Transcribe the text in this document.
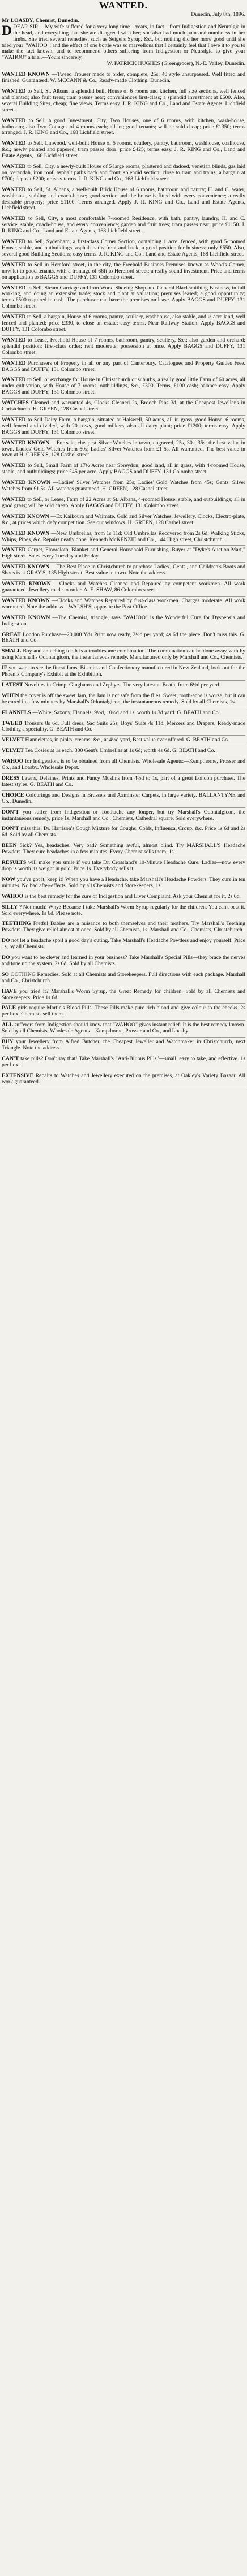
WANTED.
Dunedin, July 8th, 1896.
Mr LOASBY, Chemist, Dunedin.

D DEAR SIR,—My wife suffered for a very long time—years, in fact—from Indigestion and Neuralgia in the head, and everything that she ate disagreed with her; she also had much pain and numbness in her limbs. She tried several remedies, such as Seigel's Syrup, &c., but nothing did her more good until she tried your "WAHOO"; and the effect of one bottle was so marvellous that I certainly feel that I owe it to you to make the fact known, and to recommend others suffering from Indigestion or Neuralgia to give your "WAHOO" a trial.—Yours sincerely,
W. PATRICK HUGHES (Greengrocer), N.-E. Valley, Dunedin.
WANTED KNOWN —Tweed Trouser made to order, complete, 25s; 40 style unsurpassed. Well fitted and finished. Guaranteed. W. MCCANN & Co., Ready-made Clothing, Dunedin.
WANTED to Sell, St. Albans, a splendid built House of 6 rooms and kitchen, full size sections, well fenced and planted; also fruit trees; tram passes near; conveniences first-class; a splendid investment at £600. Also, several Building Sites, cheap; fine views. Terms easy. J. R. KING and Co., Land and Estate Agents, Lichfield street.
WANTED to Sell, a good Investment, City, Two Houses, one of 6 rooms, with kitchen, wash-house, bathroom; also Two Cottages of 4 rooms each; all let; good tenants; will be sold cheap; price £1350; terms arranged. J. R. KING and Co., 168 Lichfield street.
WANTED to Sell, Linwood, well-built House of 5 rooms, scullery, pantry, bathroom, washhouse, coalhouse, &c.; newly painted and papered; tram passes door; price £425; terms easy. J. R. KING and Co., Land and Estate Agents, 168 Lichfield street.
WANTED to Sell, City, a newly-built House of 5 large rooms, plastered and dadoed, venetian blinds, gas laid on, verandah, iron roof, asphalt paths back and front; splendid section; close to tram and trains; a bargain at £700; deposit £200; or easy terms. J. R. KING and Co., 168 Lichfield street.
WANTED to Sell, St. Albans, a well-built Brick House of 6 rooms, bathroom and pantry; H. and C. water, washhouse, stabling and coach-house; good section and the house is fitted with every convenience; a really desirable property; price £1100. Terms arranged. Apply J. R. KING and Co., Land and Estate Agents, Lichfield street.
WANTED to Sell, City, a most comfortable 7-roomed Residence, with bath, pantry, laundry, H. and C. service, stable, coach-house, and every convenience; garden and fruit trees; tram passes near; price £1150. J. R. KING and Co., Land and Estate Agents, 168 Lichfield street.
WANTED to Sell, Sydenham, a first-class Corner Section, containing 1 acre, fenced, with good 5-roomed House, stable, and outbuildings; asphalt paths front and back; a good position for business; only £550. Also, several good Building Sections; easy terms. J. R. KING and Co., Land and Estate Agents, 168 Lichfield street.
WANTED to Sell in Hereford street, in the city, the Freehold Business Premises known as Wood's Corner, now let to good tenants, with a frontage of 66ft to Hereford street; a really sound investment. Price and terms on application to BAGGS and DUFFY, 131 Colombo street.
WANTED to Sell, Steam Carriage and Iron Work, Shoeing Shop and General Blacksmithing Business, in full working, and doing an extensive trade; stock and plant at valuation; premises leased; a good opportunity; terms £500 required in cash. The purchaser can have the premises on lease. Apply BAGGS and DUFFY, 131 Colombo street.
WANTED to Sell, a bargain, House of 6 rooms, pantry, scullery, washhouse, also stable, and ½ acre land, well fenced and planted; price £330, to close an estate; easy terms. Near Railway Station. Apply BAGGS and DUFFY, 131 Colombo street.
WANTED to Lease, Freehold House of 7 rooms, bathroom, pantry, scullery, &c.; also garden and orchard; splendid position; first-class order; rent moderate; possession at once. Apply BAGGS and DUFFY, 131 Colombo street.
WANTED Purchasers of Property in all or any part of Canterbury. Catalogues and Property Guides Free. BAGGS and DUFFY, 131 Colombo street.
WANTED to Sell, or exchange for House in Christchurch or suburbs, a really good little Farm of 60 acres, all under cultivation, with House of 7 rooms, outbuildings, &c., £300. Terms, £100 cash; balance easy. Apply BAGGS and DUFFY, 131 Colombo street.
WATCHES Cleaned and warranted 4s, Clocks Cleaned 2s, Brooch Pins 3d, at the Cheapest Jeweller's in Christchurch. H. GREEN, 128 Cashel street.
WANTED to Sell Dairy Farm, a bargain, situated at Halswell, 50 acres, all in grass, good House, 6 rooms, well fenced and divided, with 20 cows, good milkers, also all dairy plant; price £1200; terms easy. Apply BAGGS and DUFFY, 131 Colombo street.
WANTED KNOWN —For sale, cheapest Silver Watches in town, engraved, 25s, 30s, 35s; the best value in town. Ladies' Gold Watches from 50s; Ladies' Silver Watches from £1 5s. All warranted. The best value in town at H. GREEN'S, 128 Cashel street.
WANTED to Sell, Small Farm of 17½ Acres near Spreydon; good land, all in grass, with 4-roomed House, stable, and outbuildings; price £45 per acre. Apply BAGGS and DUFFY, 131 Colombo street.
WANTED KNOWN —Ladies' Silver Watches from 25s; Ladies' Gold Watches from 45s; Gents' Silver Watches from £1 5s. All watches guaranteed. H. GREEN, 128 Cashel street.
WANTED to Sell, or Lease, Farm of 22 Acres at St. Albans, 4-roomed House, stable, and outbuildings; all in good grass; will be sold cheap. Apply BAGGS and DUFFY, 131 Colombo street.
WANTED KNOWN —Ex Kaikoura and Waimate, Gold and Silver Watches, Jewellery, Clocks, Electro-plate, &c., at prices which defy competition. See our windows. H. GREEN, 128 Cashel street.
WANTED KNOWN —New Umbrellas, from 1s 11d; Old Umbrellas Recovered from 2s 6d; Walking Sticks, Whips, Pipes, &c. Repairs neatly done. Kenneth McKENZIE and Co., 144 High street, Christchurch.
WANTED Carpet, Floorcloth, Blanket and General Household Furnishing. Buyer at "Dyke's Auction Mart," High street. Sales every Tuesday and Friday.
WANTED KNOWN —The Best Place in Christchurch to purchase Ladies', Gents', and Children's Boots and Shoes is at GRAY'S, 135 High street. Best value in town. Note the address.
WANTED KNOWN —Clocks and Watches Cleaned and Repaired by competent workmen. All work guaranteed. Jewellery made to order. A. E. SHAW, 86 Colombo street.
WANTED KNOWN —Clocks and Watches Repaired by first-class workmen. Charges moderate. All work warranted. Note the address—WALSH'S, opposite the Post Office.
WANTED KNOWN —The Chemist, triangle, says "WAHOO" is the Wonderful Cure for Dyspepsia and Indigestion.
GREAT London Purchase—20,000 Yds Print now ready, 2½d per yard; 4s 6d the piece. Don't miss this. G. BEATH and Co.
SMALL Boy and an aching tooth is a troublesome combination. The combination can be done away with by using Marshall's Odontalgicon, the instantaneous remedy. Manufactured only by Marshall and Co., Chemists.
IF you want to see the finest Jams, Biscuits and Confectionery manufactured in New Zealand, look out for the Phoenix Company's Exhibit at the Exhibition.
LATEST Novelties in Crimp, Ginghams and Zephyrs. The very latest at Beath, from 6½d per yard.
WHEN the cover is off the sweet Jam, the Jam is not safe from the flies. Sweet, tooth-ache is worse, but it can be cured in a few minutes by Marshall's Odontalgicon, the instantaneous remedy. Sold by all Chemists, 1s.
FLANNELS —White, Saxony, Flannels, 9½d, 10½d and 1s, worth 1s 3d yard. G. BEATH and Co.
TWEED Trousers 8s 6d, Full dress, Sac Suits 25s, Boys' Suits 4s 11d. Mercers and Drapers. Ready-made Clothing a speciality. G. BEATH and Co.
VELVET Flannelettes, in pinks, creams, &c., at 4½d yard, Best value ever offered. G. BEATH and Co.
VELVET Tea Cosies at 1s each. 300 Gent's Umbrellas at 1s 6d; worth 4s 6d. G. BEATH and Co.
WAHOO for Indigestion, is to be obtained from all Chemists. Wholesale Agents:—Kempthorne, Prosser and Co., and Loasby. Wholesale Depot.
DRESS Lawns, Delaines, Prints and Fancy Muslins from 4½d to 1s, part of a great London purchase. The latest styles. G. BEATH and Co.
CHOICE Colourings and Designs in Brussels and Axminster Carpets, in large variety. BALLANTYNE and Co., Dunedin.
DON'T you suffer from Indigestion or Toothache any longer, but try Marshall's Odontalgicon, the instantaneous remedy, price 1s. Marshall and Co., Chemists, Cathedral square. Sold everywhere.
DON'T miss this! Dr. Harrison's Cough Mixture for Coughs, Colds, Influenza, Croup, &c. Price 1s 6d and 2s 6d. Sold by all Chemists.
BEEN Sick? Yes, headaches. Very bad? Something awful, almost blind. Try MARSHALL'S Headache Powders. They cure headaches in a few minutes. Every Chemist sells them. 1s.
RESULTS will make you smile if you take Dr. Crossland's 10-Minute Headache Cure. Ladies—now every drop is worth its weight in gold. Price 1s. Everybody sells it.
NOW you've got it, keep it! When you have a Headache, take Marshall's Headache Powders. They cure in ten minutes. No bad after-effects. Sold by all Chemists and Storekeepers, 1s.
WAHOO is the best remedy for the cure of Indigestion and Liver Complaint. Ask your Chemist for it. 2s 6d.
SILLY ? Not much! Why? Because I take Marshall's Worm Syrup regularly for the children. You can't beat it. Sold everywhere. 1s 6d. Please note.
TEETHING Fretful Babies are a nuisance to both themselves and their mothers. Try Marshall's Teething Powders. They give relief almost at once. Sold by all Chemists, 1s. Marshall and Co., Chemists, Christchurch.
DO not let a headache spoil a good day's outing. Take Marshall's Headache Powders and enjoy yourself. Price 1s, by all Chemists.
DO you want to be clever and learned in your business? Take Marshall's Special Pills—they brace the nerves and tone up the system. 2s 6d. Sold by all Chemists.
SO OOTHING Remedies. Sold at all Chemists and Storekeepers. Full directions with each package. Marshall and Co., Christchurch.
HAVE you tried it? Marshall's Worm Syrup, the Great Remedy for children. Sold by all Chemists and Storekeepers. Price 1s 6d.
PALE girls require Martin's Blood Pills. These Pills make pure rich blood and give colour to the cheeks. 2s per box. Chemists sell them.
ALL sufferers from Indigestion should know that "WAHOO" gives instant relief. It is the best remedy known. Sold by all Chemists. Wholesale Agents—Kempthorne, Prosser and Co., and Loasby.
BUY your Jewellery from Alfred Butcher, the Cheapest Jeweller and Watchmaker in Christchurch, next Triangle. Note the address.
CAN'T take pills? Don't say that! Take Marshall's "Anti-Bilious Pills"—small, easy to take, and effective. 1s per box.
EXTENSIVE Repairs to Watches and Jewellery executed on the premises, at Oakley's Variety Bazaar. All work guaranteed.
